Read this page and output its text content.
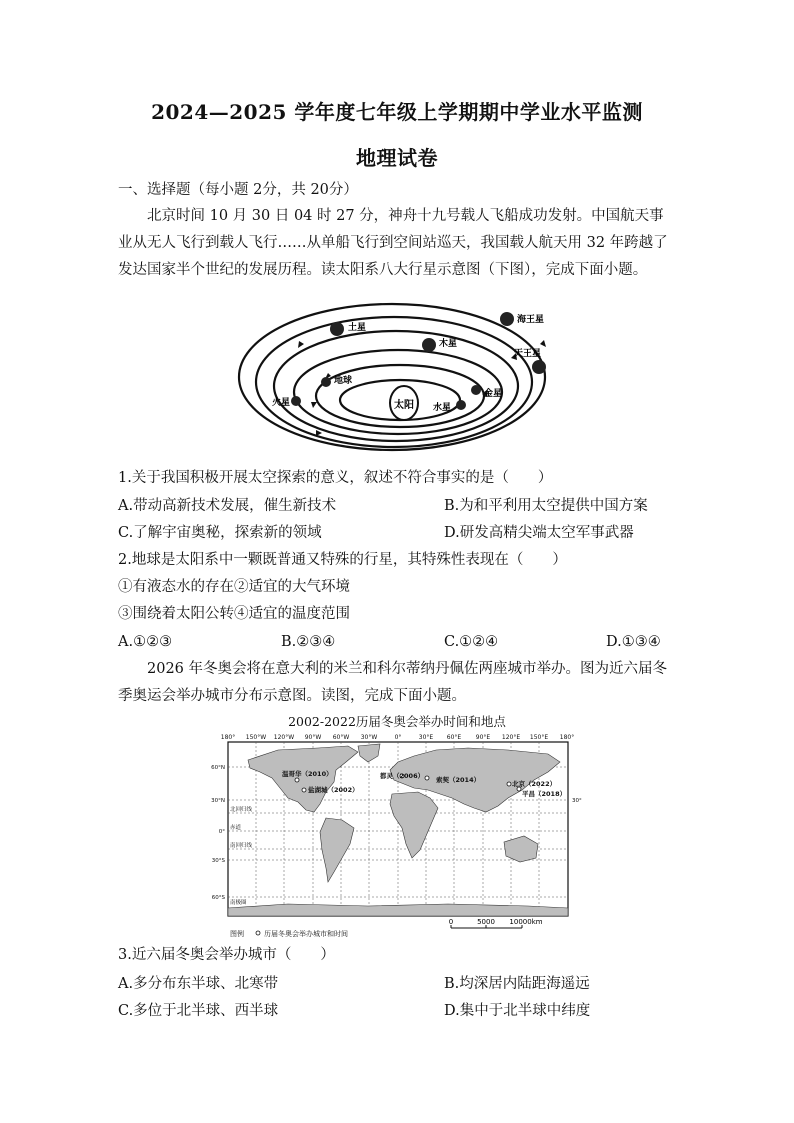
2024—2025 学年度七年级上学期期中学业水平监测
地理试卷
一、选择题（每小题 2分，共 20分）
北京时间 10 月 30 日 04 时 27 分，神舟十九号载人飞船成功发射。中国航天事业从无人飞行到载人飞行……从单船飞行到空间站巡天，我国载人航天用 32 年跨越了发达国家半个世纪的发展历程。读太阳系八大行星示意图（下图），完成下面小题。
太阳 水星
金星
地球
火星
木星
土星
天王星
海王星
1.关于我国积极开展太空探索的意义，叙述不符合事实的是（　　）
A.带动高新技术发展，催生新技术	B.为和平利用太空提供中国方案
C.了解宇宙奥秘，探索新的领域	D.研发高精尖端太空军事武器
2.地球是太阳系中一颗既普通又特殊的行星，其特殊性表现在（　　）
①有液态水的存在②适宜的大气环境
③围绕着太阳公转④适宜的温度范围
A.①②③	B.②③④	C.①②④	D.①③④
2026 年冬奥会将在意大利的米兰和科尔蒂纳丹佩佐两座城市举办。图为近六届冬季奥运会举办城市分布示意图。读图，完成下面小题。
2002-2022历届冬奥会举办时间和地点
180° 150°W 120°W 90°W 60°W 30°W	0°	30°E 60°E 90°E 120°E 150°E 180°
60°N
30°N
0°
30°S
60°S
30°
北回归线
赤道
南回归线
南极圈
温哥华（2010）
盐湖城（2002）
都灵（2006） 索契（2014）	北京（2022）
平昌（2018）
图例	历届冬奥会举办城市和时间
0	5000 10000km
3.近六届冬奥会举办城市（　　）
A.多分布东半球、北寒带	B.均深居内陆距海遥远
C.多位于北半球、西半球	D.集中于北半球中纬度
